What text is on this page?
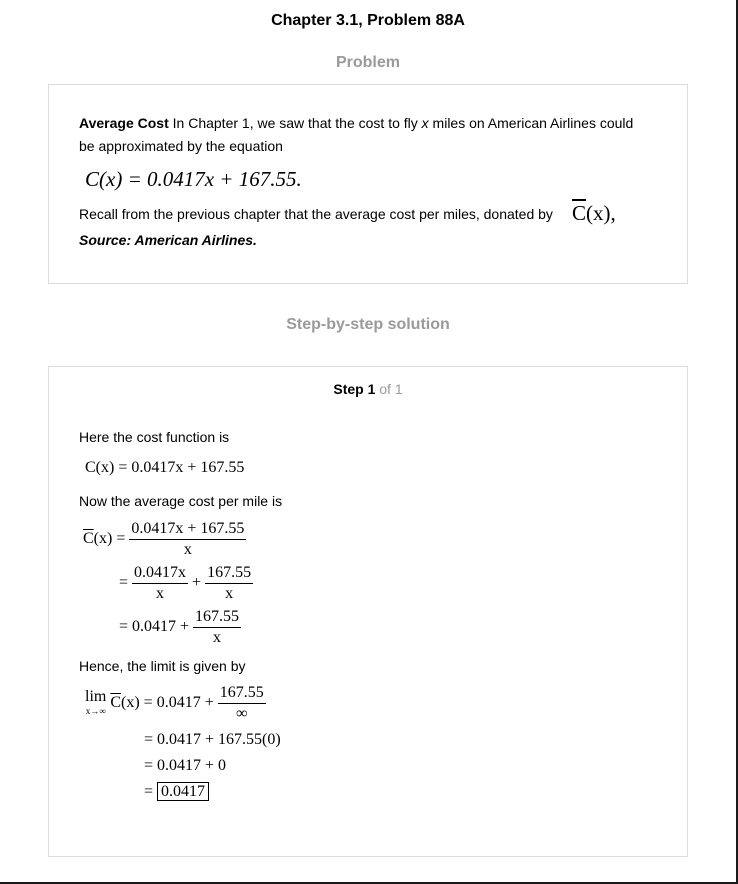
Chapter 3.1, Problem 88A
Problem
Average Cost In Chapter 1, we saw that the cost to fly x miles on American Airlines could
be approximated by the equation
C(x) = 0.0417x + 167.55.
Recall from the previous chapter that the average cost per miles, donated by $\overline{C}(x)$,
Source: American Airlines.
Step-by-step solution
Step 1 of 1
Here the cost function is
C(x) = 0.0417x + 167.55
Now the average cost per mile is
$\overline{C}(x) = \frac{0.0417x + 167.55}{x}$
= $\frac{0.0417x}{x} + \frac{167.55}{x}$
= $0.0417 + \frac{167.55}{x}$
Hence, the limit is given by
lim
x→∞ $\overline{C}(x) = 0.0417 + \frac{167.55}{\infty}$
= 0.0417 + 167.55(0)
= 0.0417 + 0
= 0.0417
